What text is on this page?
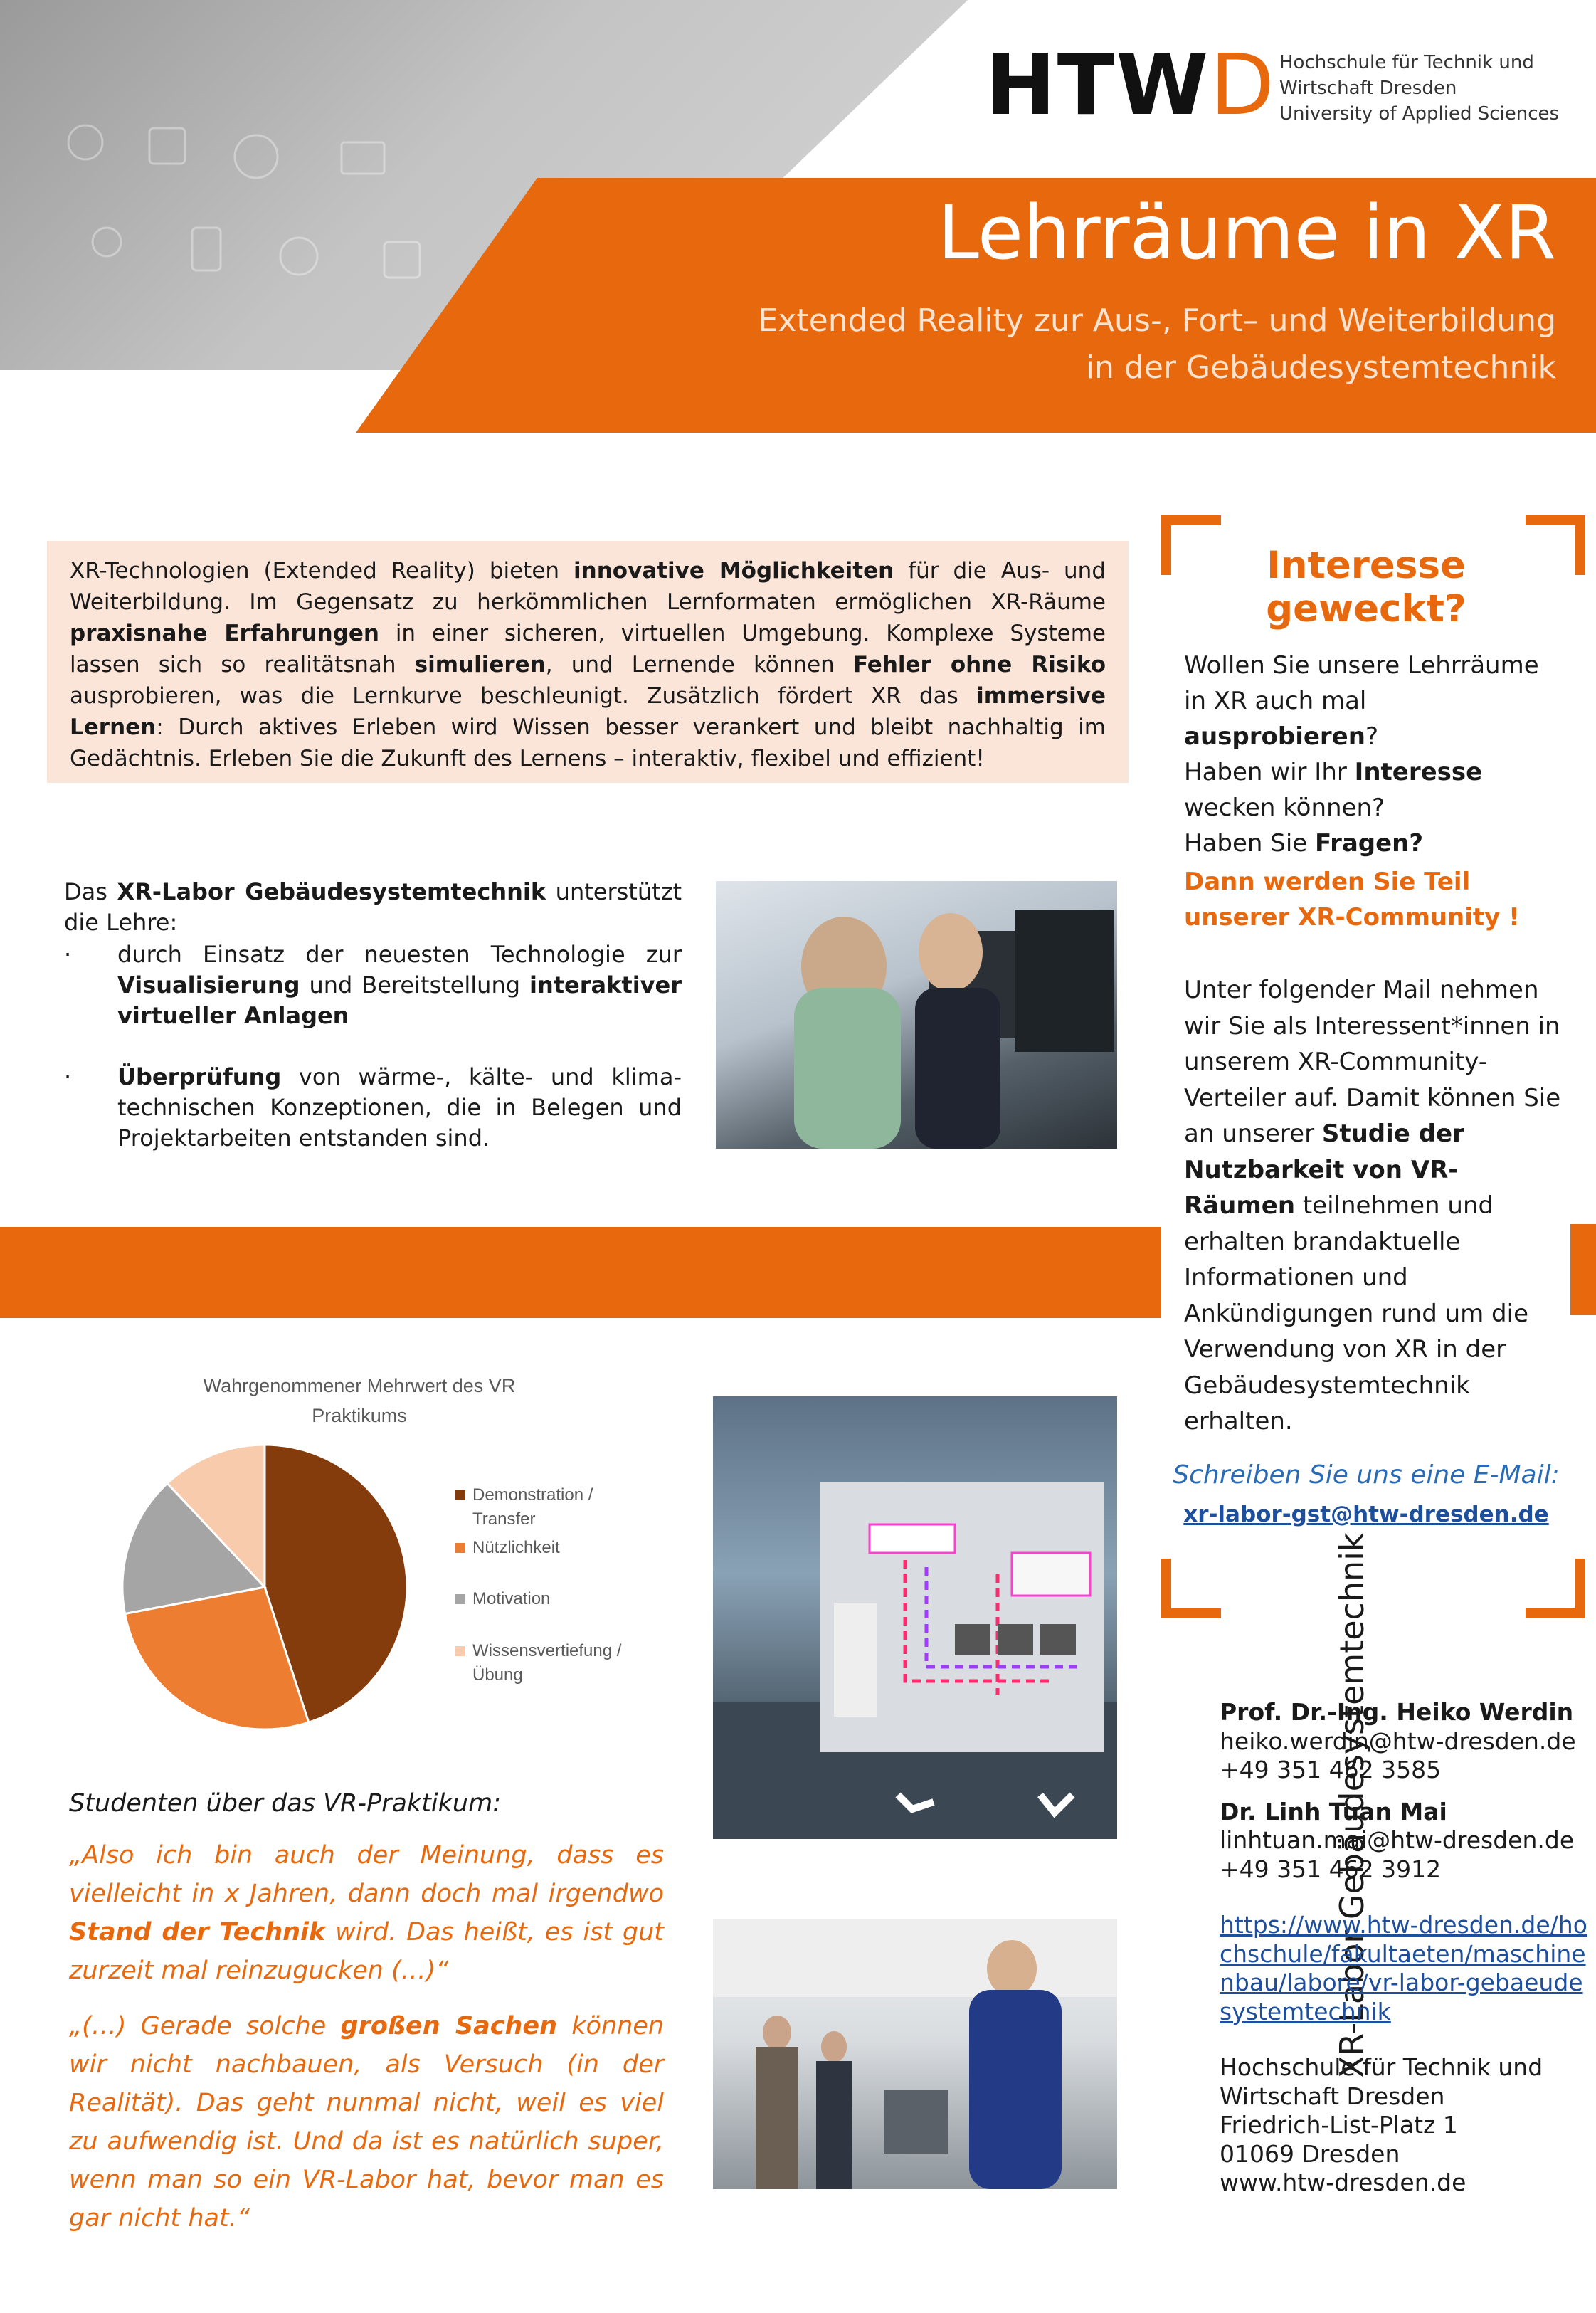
HTWD Hochschule für Technik und
Wirtschaft Dresden
University of Applied Sciences
Lehrräume in XR
Extended Reality zur Aus-, Fort– und Weiterbildung
in der Gebäudesystemtechnik
XR-Technologien (Extended Reality) bieten innovative Möglichkeiten für die Aus- und Weiterbildung. Im Gegensatz zu herkömmlichen Lernformaten ermöglichen XR-Räume praxisnahe Erfahrungen in einer sicheren, virtuellen Umgebung. Komplexe Systeme lassen sich so realitätsnah simulieren, und Lernende können Fehler ohne Risiko ausprobieren, was die Lernkurve beschleunigt. Zusätzlich fördert XR das immersive Lernen: Durch aktives Erleben wird Wissen besser verankert und bleibt nachhaltig im Gedächtnis. Erleben Sie die Zukunft des Lernens – interaktiv, flexibel und effizient!
Das XR-Labor Gebäudesystemtechnik unterstützt die Lehre:
· durch Einsatz der neuesten Technologie zur Visualisierung und Bereitstellung interaktiver virtueller Anlagen
· Überprüfung von wärme-, kälte- und klima-technischen Konzeptionen, die in Belegen und Projektarbeiten entstanden sind.
Interesse geweckt?
Wollen Sie unsere Lehrräume in XR auch mal ausprobieren?
Haben wir Ihr Interesse wecken können?
Haben Sie Fragen?
Dann werden Sie Teil unserer XR-Community !
Unter folgender Mail nehmen wir Sie als Interessent*innen in unserem XR-Community-Verteiler auf. Damit können Sie an unserer Studie der Nutzbarkeit von VR-Räumen teilnehmen und erhalten brandaktuelle Informationen und Ankündigungen rund um die Verwendung von XR in der Gebäudesystemtechnik erhalten.
Schreiben Sie uns eine E-Mail:
xr-labor-gst@htw-dresden.de
Wahrgenommener Mehrwert des VR
Praktikums
Demonstration /
Transfer
Nützlichkeit
Motivation
Wissensvertiefung /
Übung
Studenten über das VR-Praktikum:
„Also ich bin auch der Meinung, dass es vielleicht in x Jahren, dann doch mal irgendwo Stand der Technik wird. Das heißt, es ist gut zurzeit mal reinzugucken (…)“
„(…) Gerade solche großen Sachen können wir nicht nachbauen, als Versuch (in der Realität). Das geht nunmal nicht, weil es viel zu aufwendig ist. Und da ist es natürlich super, wenn man so ein VR-Labor hat, bevor man es gar nicht hat.“
XR-Labor Gebäudesystemtechnik
Prof. Dr.-Ing. Heiko Werdin
heiko.werdin@htw-dresden.de
+49 351 462 3585
Dr. Linh Tuan Mai
linhtuan.mai@htw-dresden.de
+49 351 462 3912
https://www.htw-dresden.de/hochschule/fakultaeten/maschinenbau/labore/vr-labor-gebaeudesystemtechnik
Hochschule für Technik und
Wirtschaft Dresden
Friedrich-List-Platz 1
01069 Dresden
www.htw-dresden.de
